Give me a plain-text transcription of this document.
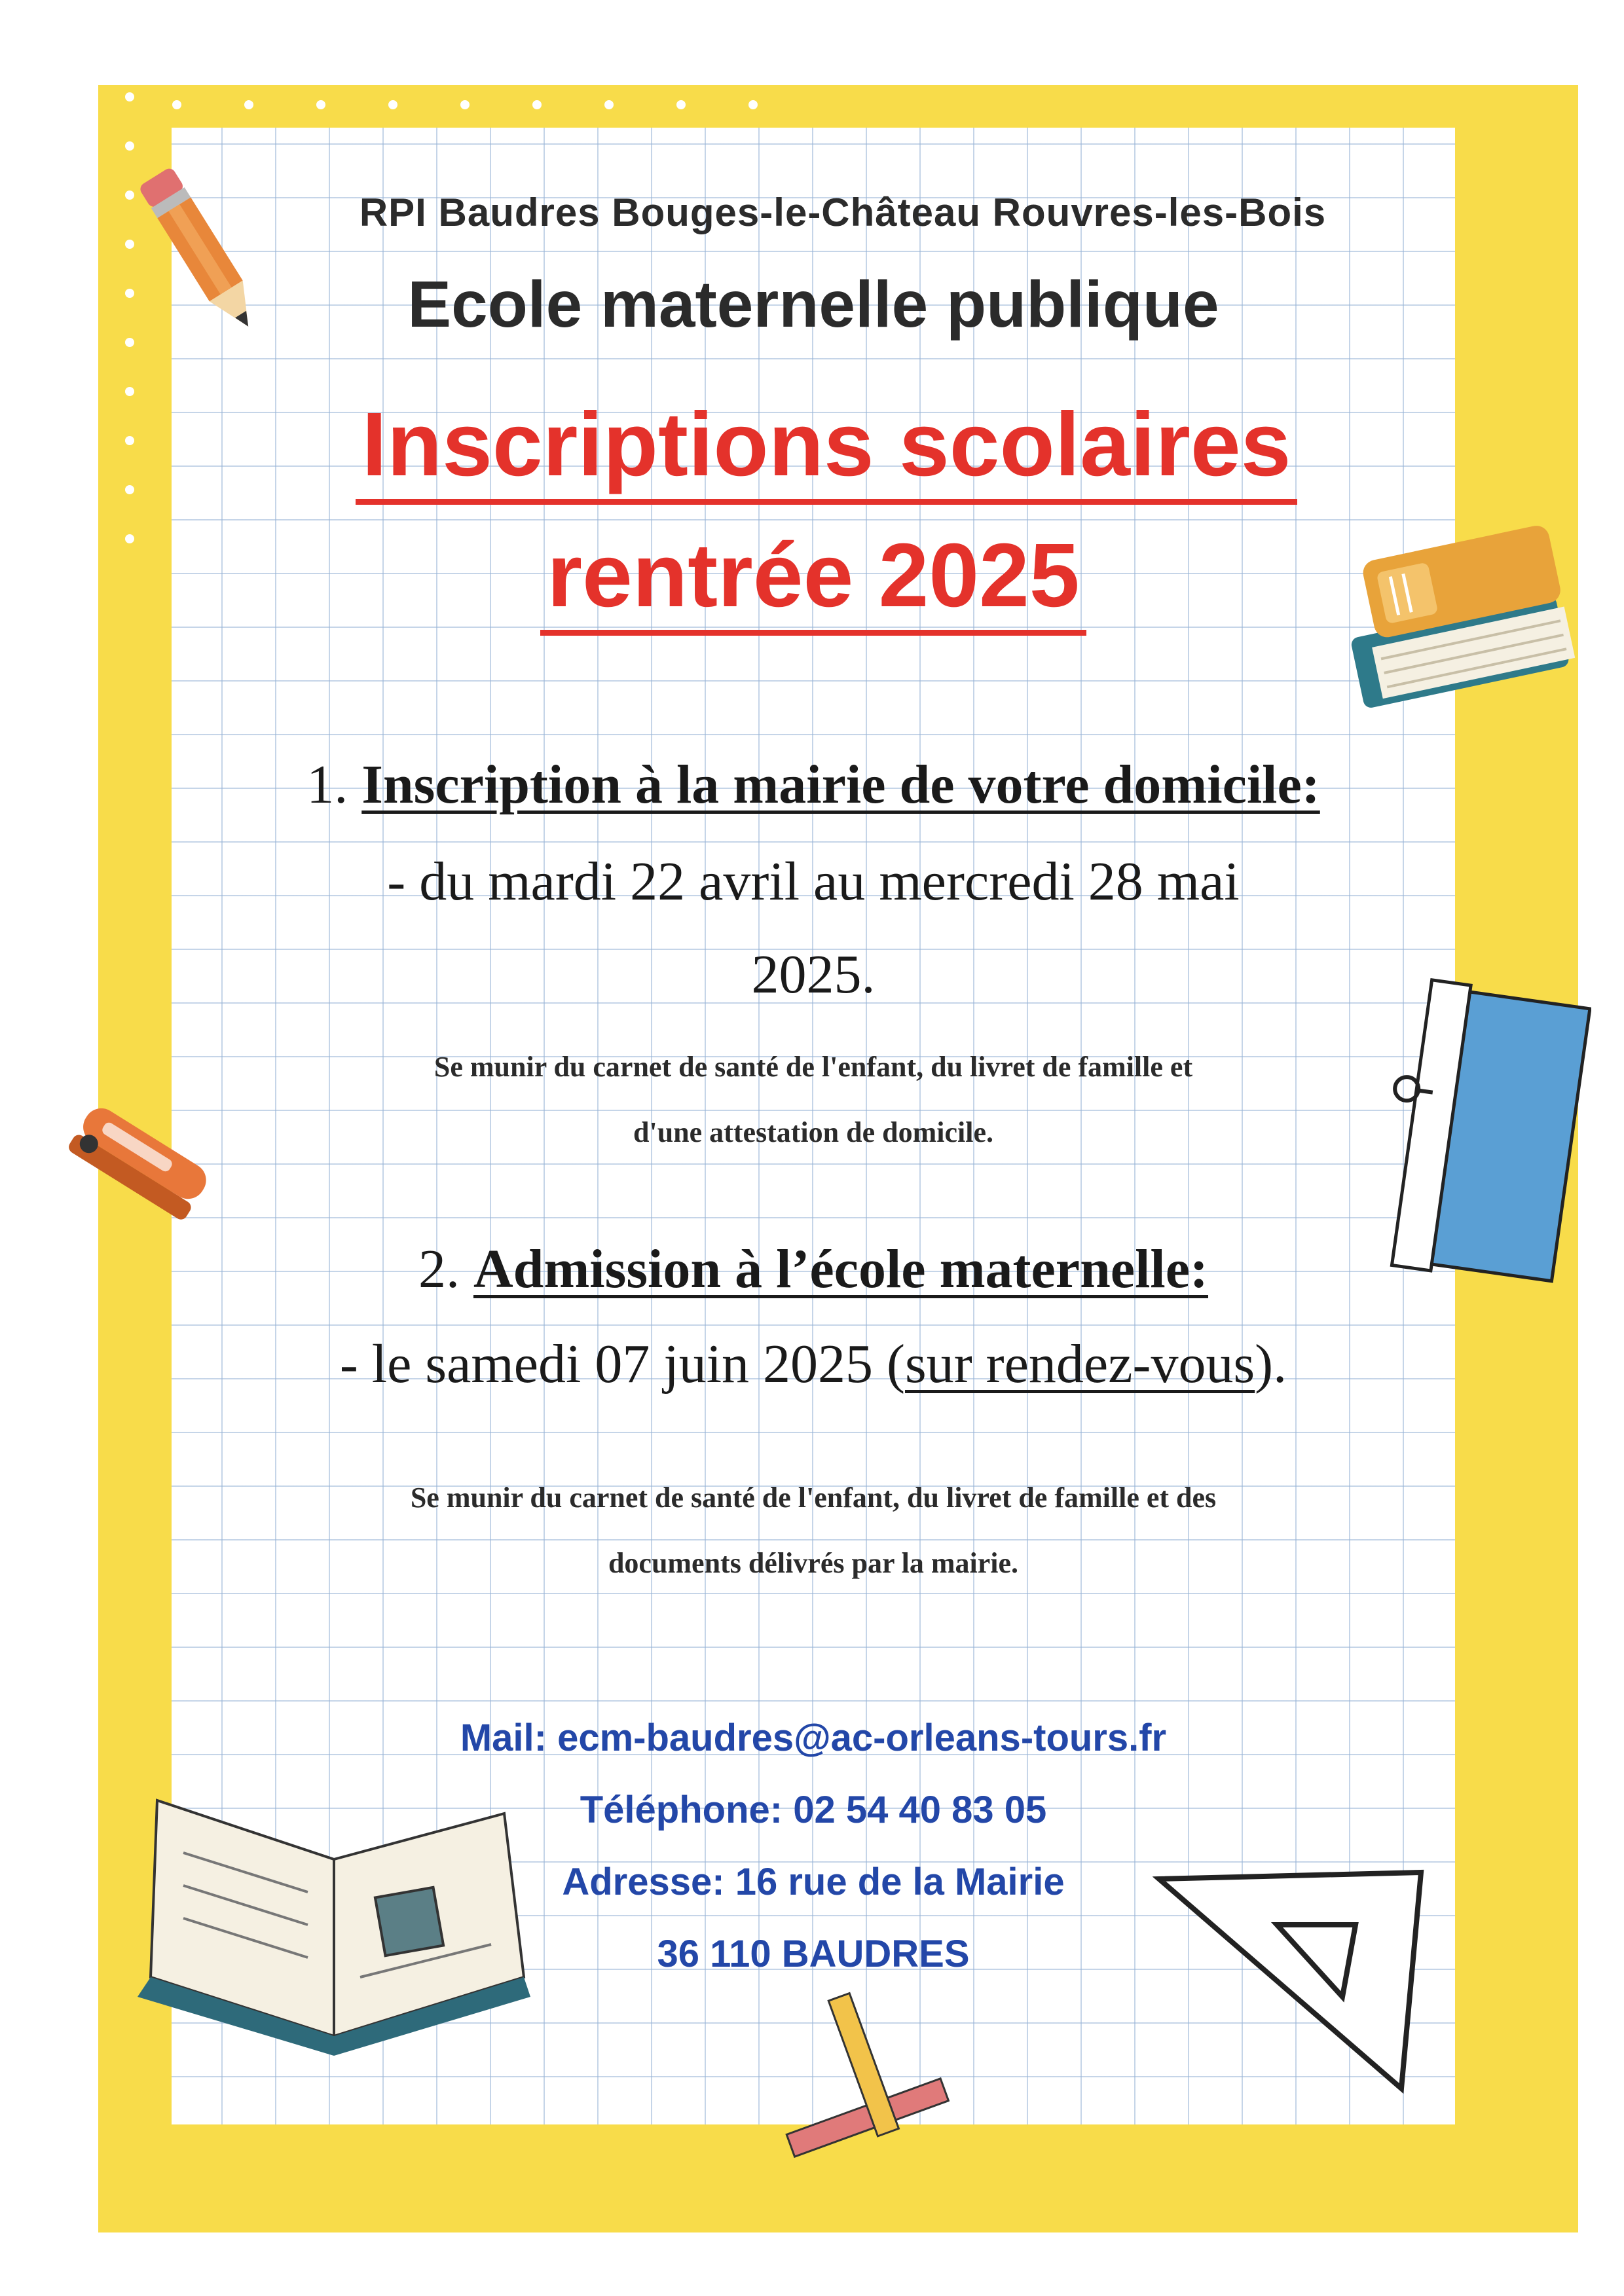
RPI Baudres Bouges-le-Château Rouvres-les-Bois

Ecole maternelle publique

Inscriptions scolaires

rentrée 2025

1. Inscription à la mairie de votre domicile:

- du mardi 22 avril au mercredi 28 mai

2025.

Se munir du carnet de santé de l'enfant, du livret de famille et
d'une attestation de domicile.

2. Admission à l’école maternelle:

- le samedi 07 juin 2025 (sur rendez-vous).

Se munir du carnet de santé de l'enfant, du livret de famille et des
documents délivrés par la mairie.
Mail: ecm-baudres@ac-orleans-tours.fr
Téléphone: 02 54 40 83 05
Adresse: 16 rue de la Mairie
36 110 BAUDRES
